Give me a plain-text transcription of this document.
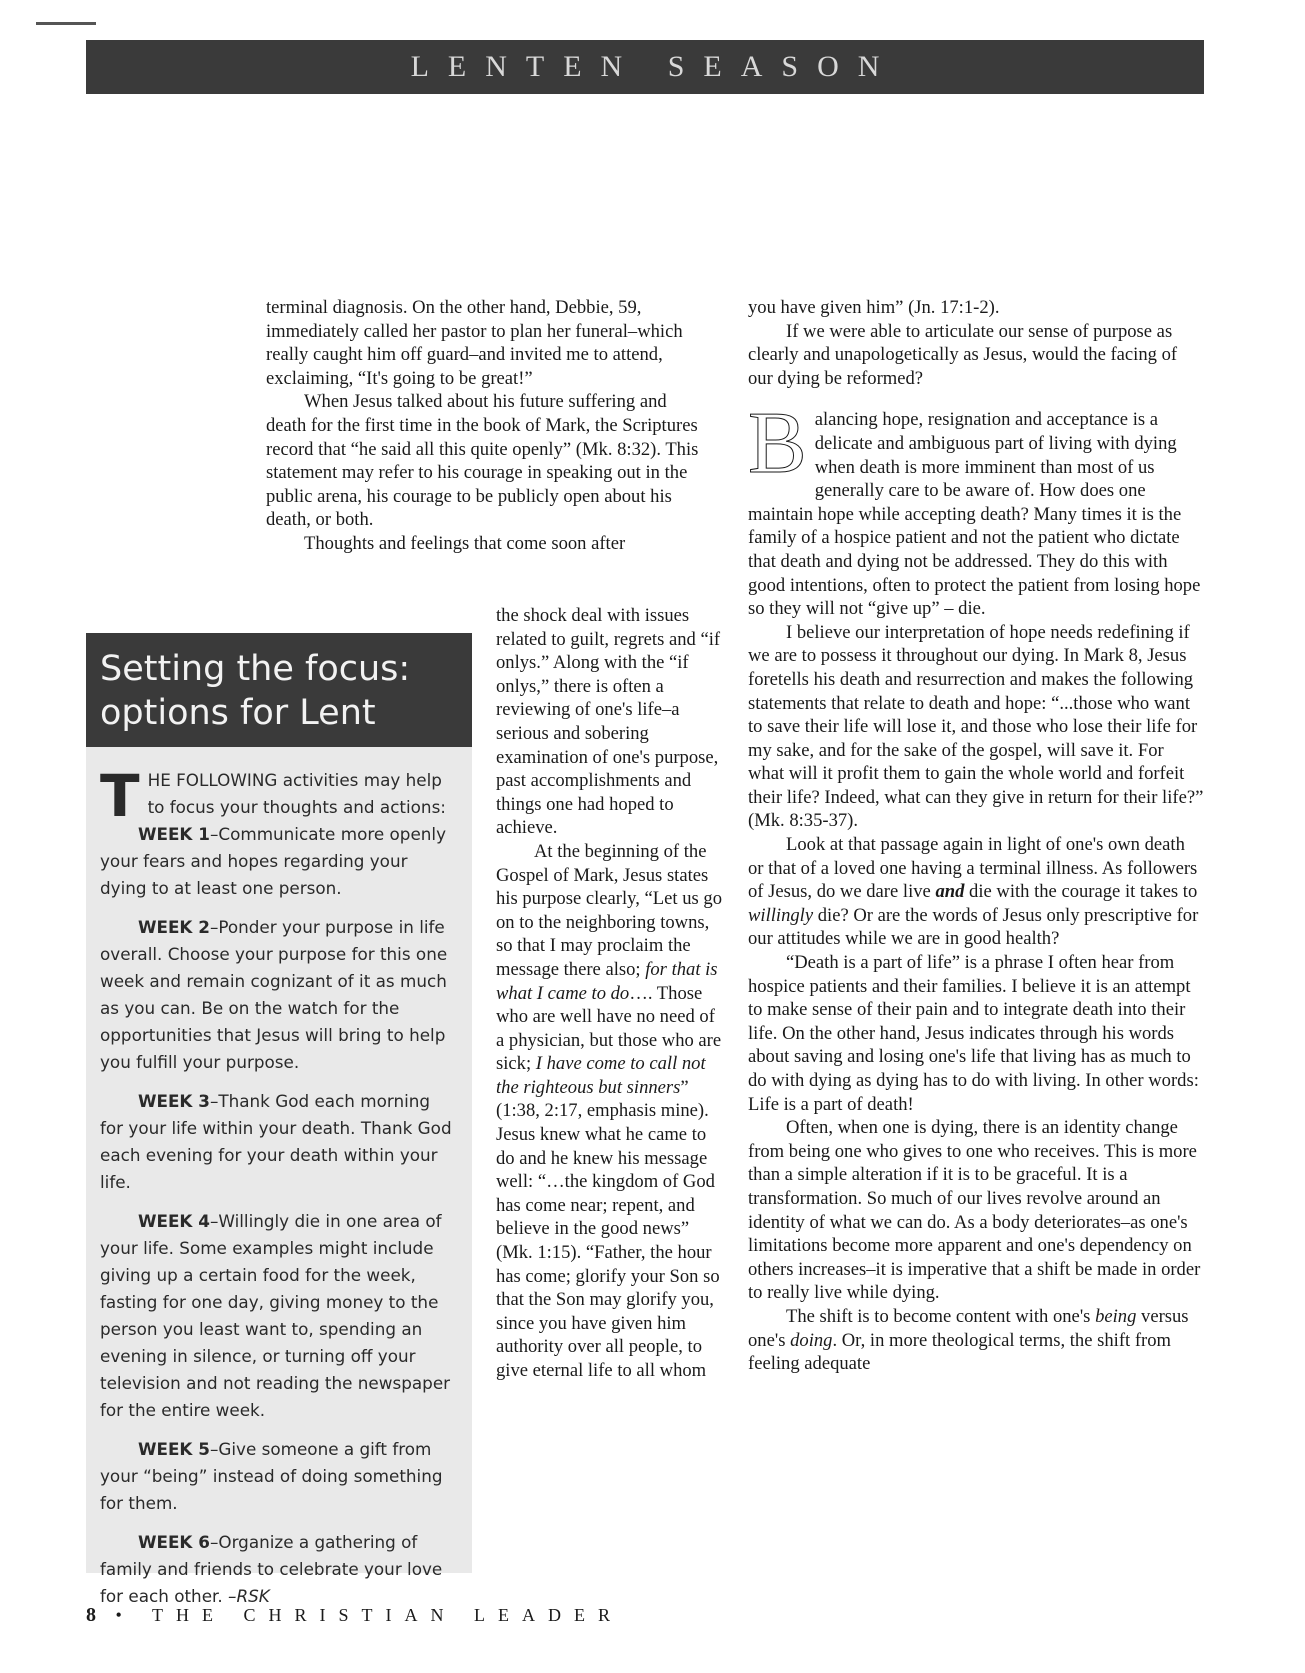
LENTEN SEASON

terminal diagnosis. On the other hand, Debbie, 59, immediately called her pastor to plan her funeral–which really caught him off guard–and invited me to attend, exclaiming, “It's going to be great!”

When Jesus talked about his future suffering and death for the first time in the book of Mark, the Scriptures record that “he said all this quite openly” (Mk. 8:32). This statement may refer to his courage in speaking out in the public arena, his courage to be publicly open about his death, or both.

Thoughts and feelings that come soon after

the shock deal with issues related to guilt, regrets and “if onlys.” Along with the “if onlys,” there is often a reviewing of one's life–a serious and sobering examination of one's purpose, past accomplishments and things one had hoped to achieve.

At the beginning of the Gospel of Mark, Jesus states his purpose clearly, “Let us go on to the neighboring towns, so that I may proclaim the message there also; for that is what I came to do…. Those who are well have no need of a physician, but those who are sick; I have come to call not the righteous but sinners” (1:38, 2:17, emphasis mine). Jesus knew what he came to do and he knew his message well: “…the kingdom of God has come near; repent, and believe in the good news” (Mk. 1:15). “Father, the hour has come; glorify your Son so that the Son may glorify you, since you have given him authority over all people, to give eternal life to all whom

you have given him” (Jn. 17:1-2).

If we were able to articulate our sense of purpose as clearly and unapologetically as Jesus, would the facing of our dying be reformed?

B alancing hope, resignation and acceptance is a delicate and ambiguous part of living with dying when death is more imminent than most of us generally care to be aware of. How does one maintain hope while accepting death? Many times it is the family of a hospice patient and not the patient who dictate that death and dying not be addressed. They do this with good intentions, often to protect the patient from losing hope so they will not “give up” – die.

I believe our interpretation of hope needs redefining if we are to possess it throughout our dying. In Mark 8, Jesus foretells his death and resurrection and makes the following statements that relate to death and hope: “...those who want to save their life will lose it, and those who lose their life for my sake, and for the sake of the gospel, will save it. For what will it profit them to gain the whole world and forfeit their life? Indeed, what can they give in return for their life?” (Mk. 8:35-37).

Look at that passage again in light of one's own death or that of a loved one having a terminal illness. As followers of Jesus, do we dare live and die with the courage it takes to willingly die? Or are the words of Jesus only prescriptive for our attitudes while we are in good health?

“Death is a part of life” is a phrase I often hear from hospice patients and their families. I believe it is an attempt to make sense of their pain and to integrate death into their life. On the other hand, Jesus indicates through his words about saving and losing one's life that living has as much to do with dying as dying has to do with living. In other words: Life is a part of death!

Often, when one is dying, there is an identity change from being one who gives to one who receives. This is more than a simple alteration if it is to be graceful. It is a transformation. So much of our lives revolve around an identity of what we can do. As a body deteriorates–as one's limitations become more apparent and one's dependency on others increases–it is imperative that a shift be made in order to really live while dying.

The shift is to become content with one's being versus one's doing. Or, in more theological terms, the shift from feeling adequate

Setting the focus:
options for Lent

THE FOLLOWING activities may help to focus your thoughts and actions:

WEEK 1–Communicate more openly your fears and hopes regarding your dying to at least one person.

WEEK 2–Ponder your purpose in life overall. Choose your purpose for this one week and remain cognizant of it as much as you can. Be on the watch for the opportunities that Jesus will bring to help you fulfill your purpose.

WEEK 3–Thank God each morning for your life within your death. Thank God each evening for your death within your life.

WEEK 4–Willingly die in one area of your life. Some examples might include giving up a certain food for the week, fasting for one day, giving money to the person you least want to, spending an evening in silence, or turning off your television and not reading the newspaper for the entire week.

WEEK 5–Give someone a gift from your “being” instead of doing something for them.

WEEK 6–Organize a gathering of family and friends to celebrate your love for each other. –RSK

8 • THE CHRISTIAN LEADER
